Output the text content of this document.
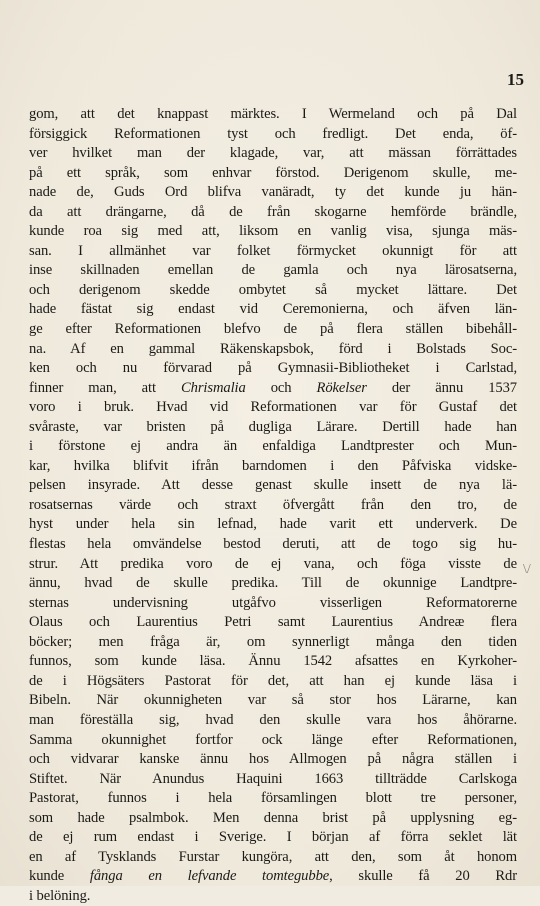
15
\/
gom, att det knappast märktes. I Wermeland och på Dal
försiggick Reformationen tyst och fredligt. Det enda, öf-
ver hvilket man der klagade, var, att mässan förrättades
på ett språk, som enhvar förstod. Derigenom skulle, me-
nade de, Guds Ord blifva vanäradt, ty det kunde ju hän-
da att drängarne, då de från skogarne hemförde brändle,
kunde roa sig med att, liksom en vanlig visa, sjunga mäs-
san. I allmänhet var folket förmycket okunnigt för att
inse skillnaden emellan de gamla och nya lärosatserna,
och derigenom skedde ombytet så mycket lättare. Det
hade fästat sig endast vid Ceremonierna, och äfven län-
ge efter Reformationen blefvo de på flera ställen bibehåll-
na. Af en gammal Räkenskapsbok, förd i Bolstads Soc-
ken och nu förvarad på Gymnasii-Bibliotheket i Carlstad,
finner man, att Chrismalia och Rökelser der ännu 1537
voro i bruk. Hvad vid Reformationen var för Gustaf det
svåraste, var bristen på dugliga Lärare. Dertill hade han
i förstone ej andra än enfaldiga Landtprester och Mun-
kar, hvilka blifvit ifrån barndomen i den Påfviska vidske-
pelsen insyrade. Att desse genast skulle insett de nya lä-
rosatsernas värde och straxt öfvergått från den tro, de
hyst under hela sin lefnad, hade varit ett underverk. De
flestas hela omvändelse bestod deruti, att de togo sig hu-
strur. Att predika voro de ej vana, och föga visste de
ännu, hvad de skulle predika. Till de okunnige Landtpre-
sternas undervisning utgåfvo visserligen Reformatorerne
Olaus och Laurentius Petri samt Laurentius Andreæ flera
böcker; men fråga är, om synnerligt många den tiden
funnos, som kunde läsa. Ännu 1542 afsattes en Kyrkoher-
de i Högsäters Pastorat för det, att han ej kunde läsa i
Bibeln. När okunnigheten var så stor hos Lärarne, kan
man föreställa sig, hvad den skulle vara hos åhörarne.
Samma okunnighet fortfor ock länge efter Reformationen,
och vidvarar kanske ännu hos Allmogen på några ställen i
Stiftet. När Anundus Haquini 1663 tillträdde Carlskoga
Pastorat, funnos i hela församlingen blott tre personer,
som hade psalmbok. Men denna brist på upplysning eg-
de ej rum endast i Sverige. I början af förra seklet lät
en af Tysklands Furstar kungöra, att den, som åt honom
kunde fånga en lefvande tomtegubbe, skulle få 20 Rdr
i belöning.
